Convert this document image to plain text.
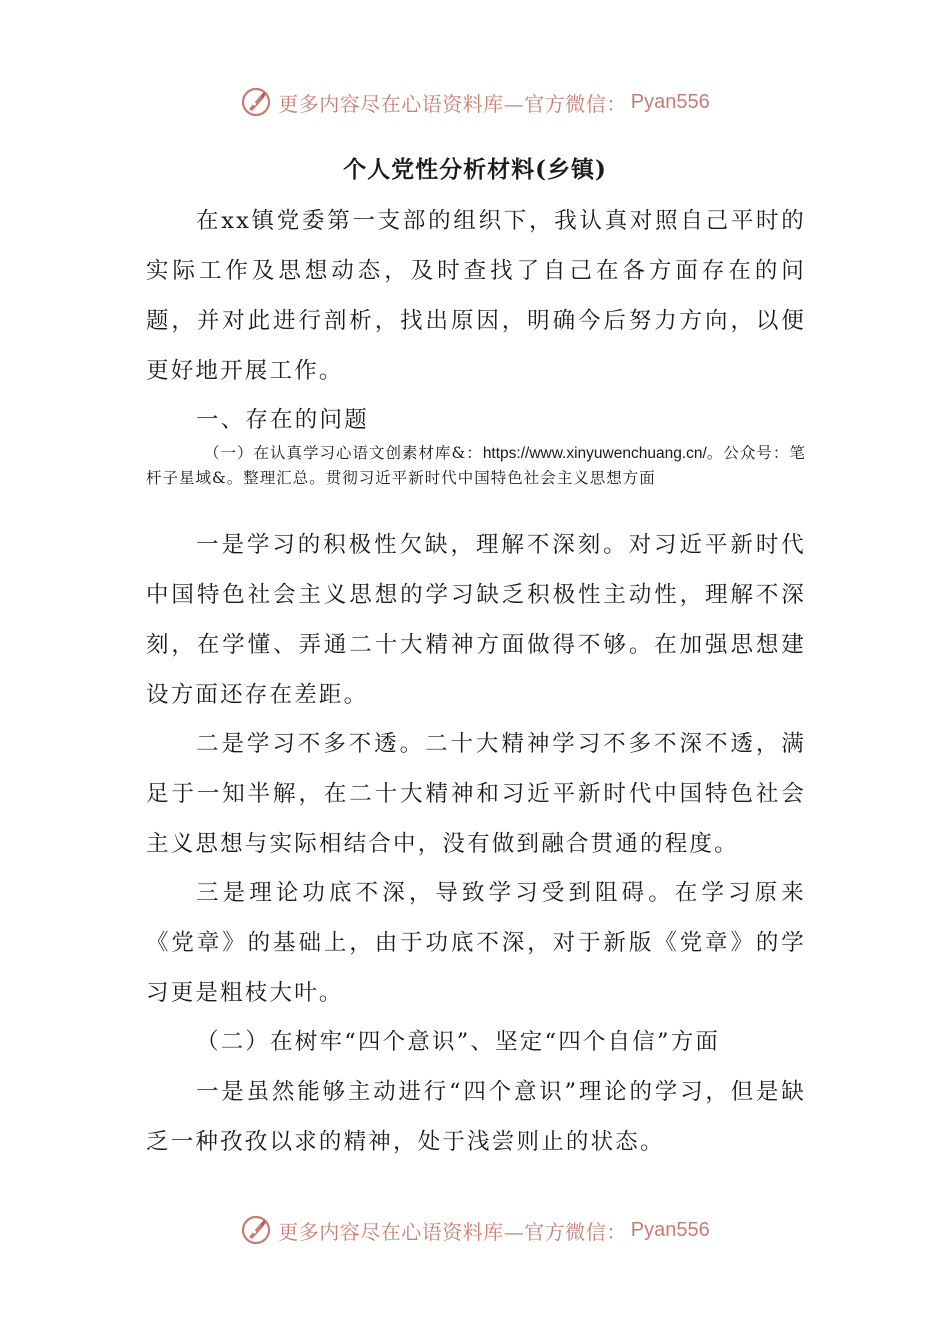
更多内容尽在心语资料库—官方微信： Pyan556
个人党性分析材料(乡镇)

在xx镇党委第一支部的组织下，我认真对照自己平时的实际工作及思想动态，及时查找了自己在各方面存在的问题，并对此进行剖析，找出原因，明确今后努力方向，以便更好地开展工作。

一、存在的问题

（一）在认真学习心语文创素材库&：https://www.xinyuwenchuang.cn/。公众号：笔杆子星域&。整理汇总。贯彻习近平新时代中国特色社会主义思想方面

一是学习的积极性欠缺，理解不深刻。对习近平新时代中国特色社会主义思想的学习缺乏积极性主动性，理解不深刻，在学懂、弄通二十大精神方面做得不够。在加强思想建设方面还存在差距。

二是学习不多不透。二十大精神学习不多不深不透，满足于一知半解，在二十大精神和习近平新时代中国特色社会主义思想与实际相结合中，没有做到融合贯通的程度。

三是理论功底不深，导致学习受到阻碍。在学习原来《党章》的基础上，由于功底不深，对于新版《党章》的学习更是粗枝大叶。

（二）在树牢“四个意识”、坚定“四个自信”方面

一是虽然能够主动进行“四个意识”理论的学习，但是缺乏一种孜孜以求的精神，处于浅尝则止的状态。

更多内容尽在心语资料库—官方微信： Pyan556
